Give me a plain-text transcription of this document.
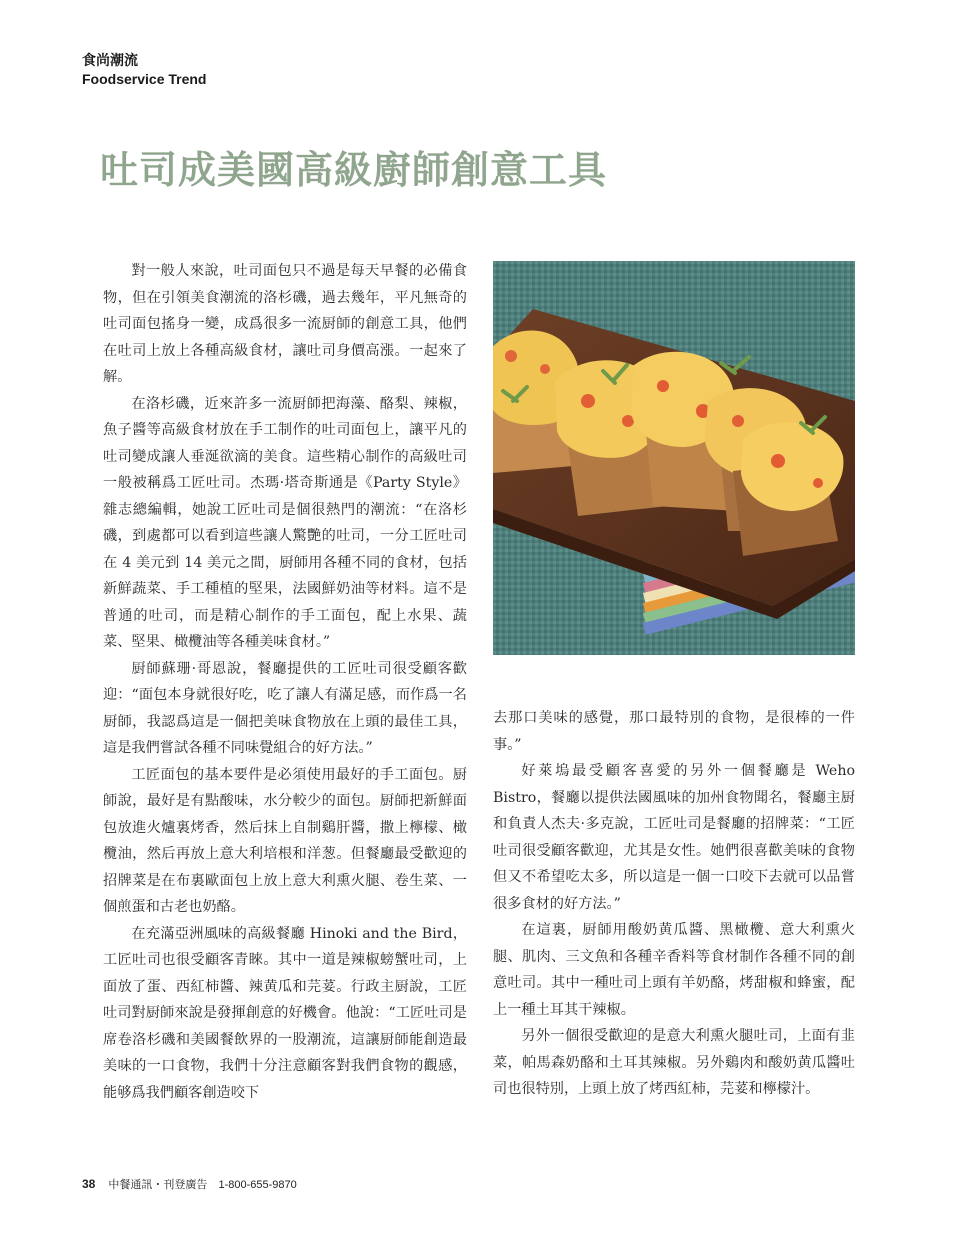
食尚潮流
Foodservice Trend
吐司成美國高級廚師創意工具

對一般人來說，吐司面包只不過是每天早餐的必備食物，但在引領美食潮流的洛杉磯，過去幾年，平凡無奇的吐司面包搖身一變，成爲很多一流厨師的創意工具，他們在吐司上放上各種高級食材，讓吐司身價高漲。一起來了解。

在洛杉磯，近來許多一流厨師把海藻、酪梨、辣椒，魚子醬等高級食材放在手工制作的吐司面包上，讓平凡的吐司變成讓人垂涎欲滴的美食。這些精心制作的高級吐司一般被稱爲工匠吐司。杰瑪·塔奇斯通是《Party Style》雜志總編輯，她說工匠吐司是個很熱門的潮流：“在洛杉磯，到處都可以看到這些讓人驚艷的吐司，一分工匠吐司在 4 美元到 14 美元之間，厨師用各種不同的食材，包括新鮮蔬菜、手工種植的堅果，法國鮮奶油等材料。這不是普通的吐司，而是精心制作的手工面包，配上水果、蔬菜、堅果、橄欖油等各種美味食材。”

厨師蘇珊·哥恩說，餐廳提供的工匠吐司很受顧客歡迎：“面包本身就很好吃，吃了讓人有滿足感，而作爲一名厨師，我認爲這是一個把美味食物放在上頭的最佳工具，這是我們嘗試各種不同味覺組合的好方法。”

工匠面包的基本要件是必須使用最好的手工面包。厨師說，最好是有點酸味，水分較少的面包。厨師把新鮮面包放進火爐裏烤香，然后抹上自制鷄肝醬，撒上檸檬、橄欖油，然后再放上意大利培根和洋葱。但餐廳最受歡迎的招牌菜是在布裏歐面包上放上意大利熏火腿、卷生菜、一個煎蛋和古老也奶酪。

在充滿亞洲風味的高級餐廳 Hinoki and the Bird，工匠吐司也很受顧客青睞。其中一道是辣椒螃蟹吐司，上面放了蛋、西紅柿醬、辣黄瓜和芫荽。行政主厨說，工匠吐司對厨師來說是發揮創意的好機會。他說：“工匠吐司是席卷洛杉磯和美國餐飲界的一股潮流，這讓厨師能創造最美味的一口食物，我們十分注意顧客對我們食物的觀感，能够爲我們顧客創造咬下

去那口美味的感覺，那口最特別的食物，是很棒的一件事。”

好萊塢最受顧客喜愛的另外一個餐廳是 Weho Bistro，餐廳以提供法國風味的加州食物聞名，餐廳主厨和負責人杰夫·多克說，工匠吐司是餐廳的招牌菜：“工匠吐司很受顧客歡迎，尤其是女性。她們很喜歡美味的食物但又不希望吃太多，所以這是一個一口咬下去就可以品嘗很多食材的好方法。”

在這裏，厨師用酸奶黄瓜醬、黑橄欖、意大利熏火腿、肌肉、三文魚和各種辛香料等食材制作各種不同的創意吐司。其中一種吐司上頭有羊奶酪，烤甜椒和蜂蜜，配上一種土耳其干辣椒。

另外一個很受歡迎的是意大利熏火腿吐司，上面有韭菜，帕馬森奶酪和土耳其辣椒。另外鷄肉和酸奶黄瓜醬吐司也很特別，上頭上放了烤西紅柿，芫荽和檸檬汁。

38 中餐通訊・刊登廣告 1-800-655-9870
